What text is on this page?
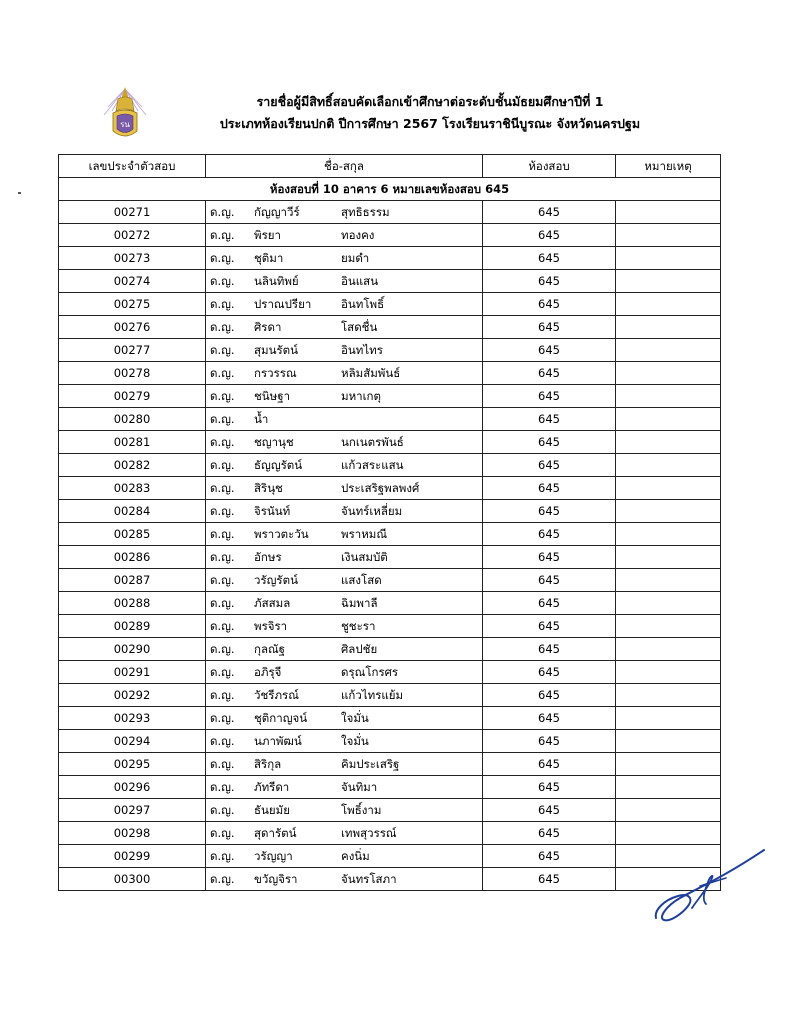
รน
รายชื่อผู้มีสิทธิ์สอบคัดเลือกเข้าศึกษาต่อระดับชั้นมัธยมศึกษาปีที่ 1
ประเภทห้องเรียนปกติ ปีการศึกษา 2567 โรงเรียนราชินีบูรณะ จังหวัดนครปฐม
เลขประจำตัวสอบ	ชื่อ-สกุล	ห้องสอบ	หมายเหตุ
ห้องสอบที่ 10 อาคาร 6 หมายเลขห้องสอบ 645			
00271	ด.ญ. กัญญาวีร์ สุทธิธรรม	645	
00272	ด.ญ. พิรยา ทองคง	645	
00273	ด.ญ. ชุติมา ยมดำ	645	
00274	ด.ญ. นลินทิพย์ อินแสน	645	
00275	ด.ญ. ปราณปรียา อินทโพธิ์	645	
00276	ด.ญ. ศิรดา โสดชื่น	645	
00277	ด.ญ. สุมนรัตน์ อินทไทร	645	
00278	ด.ญ. กรวรรณ หลิมสัมพันธ์	645	
00279	ด.ญ. ชนิษฐา มหาเกตุ	645	
00280	ด.ญ. น้ำ	645	
00281	ด.ญ. ชญานุช นกเนตรพันธ์	645	
00282	ด.ญ. ธัญญรัตน์ แก้วสระแสน	645	
00283	ด.ญ. สิรินุช ประเสริฐพลพงศ์	645	
00284	ด.ญ. จิรนันท์ จันทร์เหลี่ยม	645	
00285	ด.ญ. พราวตะวัน พราหมณี	645	
00286	ด.ญ. อักษร เงินสมบัติ	645	
00287	ด.ญ. วรัญรัตน์ แสงโสด	645	
00288	ด.ญ. ภัสสมล ฉิมพาลี	645	
00289	ด.ญ. พรจิรา ชูชะรา	645	
00290	ด.ญ. กุลณัฐ ศิลปชัย	645	
00291	ด.ญ. อภิรุจี ดรุณโกรศร	645	
00292	ด.ญ. วัชรีภรณ์ แก้วไทรแย้ม	645	
00293	ด.ญ. ชุติกาญจน์ ใจมั่น	645	
00294	ด.ญ. นภาพัฒน์ ใจมั่น	645	
00295	ด.ญ. สิริกุล คิมประเสริฐ	645	
00296	ด.ญ. ภัทรีดา จันทิมา	645	
00297	ด.ญ. ธันยมัย โพธิ์งาม	645	
00298	ด.ญ. สุดารัตน์ เทพสุวรรณ์	645	
00299	ด.ญ. วรัญญา คงนิ่ม	645	
00300	ด.ญ. ขวัญจิรา จันทรโสภา	645	
